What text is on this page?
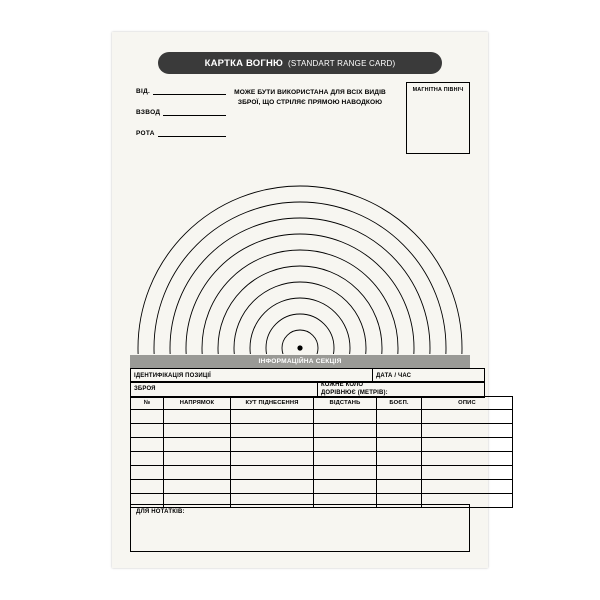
КАРТКА ВОГНЮ (STANDART RANGE CARD)
ВІД.
ВЗВОД
РОТА
МОЖЕ БУТИ ВИКОРИСТАНА ДЛЯ ВСІХ ВИДІВ
ЗБРОЇ, ЩО СТРІЛЯЄ ПРЯМОЮ НАВОДКОЮ
МАГНІТНА ПІВНІЧ
ІНФОРМАЦІЙНА СЕКЦІЯ
ІДЕНТИФІКАЦІЯ ПОЗИЦІЇ	ДАТА / ЧАС
ЗБРОЯ	КОЖНЕ КОЛО
ДОРІВНЮЄ (МЕТРІВ):
№	НАПРЯМОК	КУТ ПІДНЕСЕННЯ	ВІДСТАНЬ	БОЄП.	ОПИС

ДЛЯ НОТАТКІВ:
